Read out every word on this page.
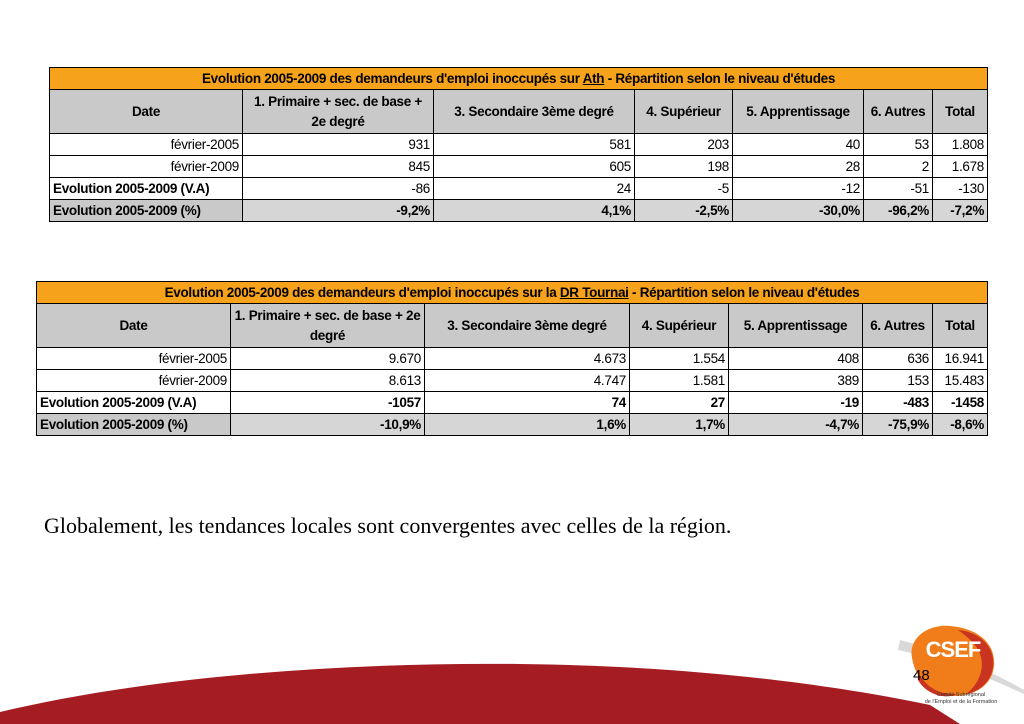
Evolution 2005-2009 des demandeurs d'emploi inoccupés sur Ath - Répartition selon le niveau d'études						
Date	1. Primaire + sec. de base + 2e degré	3. Secondaire 3ème degré	4. Supérieur	5. Apprentissage	6. Autres	Total
février-2005	931	581	203	40	53	1.808
février-2009	845	605	198	28	2	1.678
Evolution 2005-2009 (V.A)	-86	24	-5	-12	-51	-130
Evolution 2005-2009 (%)	-9,2%	4,1%	-2,5%	-30,0%	-96,2%	-7,2%
Evolution 2005-2009 des demandeurs d'emploi inoccupés sur la DR Tournai - Répartition selon le niveau d'études						
Date	1. Primaire + sec. de base + 2e degré	3. Secondaire 3ème degré	4. Supérieur	5. Apprentissage	6. Autres	Total
février-2005	9.670	4.673	1.554	408	636	16.941
février-2009	8.613	4.747	1.581	389	153	15.483
Evolution 2005-2009 (V.A)	-1057	74	27	-19	-483	-1458
Evolution 2005-2009 (%)	-10,9%	1,6%	1,7%	-4,7%	-75,9%	-8,6%
Globalement, les tendances locales sont convergentes avec celles de la région.
CSEF
Comité Subrégional
de l'Emploi et de la Formation
48
